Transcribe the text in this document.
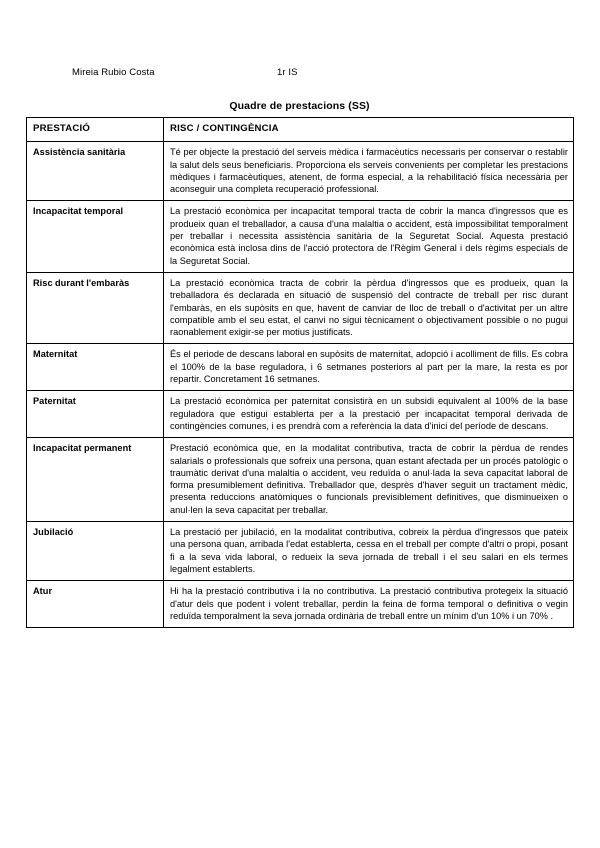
Mireia Rubio Costa	1r IS
Quadre de prestacions (SS)
PRESTACIÓ	RISC / CONTINGÈNCIA
Assistència sanitària	Té per objecte la prestació del serveis mèdica i farmacèutics necessaris per conservar o restablir la salut dels seus beneficiaris. Proporciona els serveis convenients per completar les prestacions mèdiques i farmacèutiques, atenent, de forma especial, a la rehabilitació física necessària per aconseguir una completa recuperació professional.
Incapacitat temporal	La prestació econòmica per incapacitat temporal tracta de cobrir la manca d'ingressos que es produeix quan el treballador, a causa d'una malaltia o accident, està impossibilitat temporalment per treballar i necessita assistència sanitària de la Seguretat Social. Aquesta prestació econòmica està inclosa dins de l'acció protectora de l'Règim General i dels règims especials de la Seguretat Social.
Risc durant l'embaràs	La prestació econòmica tracta de cobrir la pèrdua d'ingressos que es produeix, quan la treballadora és declarada en situació de suspensió del contracte de treball per risc durant l'embaràs, en els supòsits en que, havent de canviar de lloc de treball o d'activitat per un altre compatible amb el seu estat, el canvi no sigui tècnicament o objectivament possible o no pugui raonablement exigir-se per motius justificats.
Maternitat	És el periode de descans laboral en supòsits de maternitat, adopció i acolliment de fills. Es cobra el 100% de la base reguladora, i 6 setmanes posteriors al part per la mare, la resta es por repartir. Concretament 16 setmanes.
Paternitat	La prestació econòmica per paternitat consistirà en un subsidi equivalent al 100% de la base reguladora que estigui establerta per a la prestació per incapacitat temporal derivada de contingències comunes, i es prendrà com a referència la data d'inici del període de descans.
Incapacitat permanent	Prestació econòmica que, en la modalitat contributiva, tracta de cobrir la pèrdua de rendes salarials o professionals que sofreix una persona, quan estant afectada per un procés patològic o traumàtic derivat d'una malaltia o accident, veu reduïda o anul·lada la seva capacitat laboral de forma presumiblement definitiva. Treballador que, desprès d'haver seguit un tractament mèdic, presenta reduccions anatòmiques o funcionals previsiblement definitives, que disminueixen o anul·len la seva capacitat per treballar.
Jubilació	La prestació per jubilació, en la modalitat contributiva, cobreix la pèrdua d'ingressos que pateix una persona quan, arribada l'edat establerta, cessa en el treball per compte d'altri o propi, posant fi a la seva vida laboral, o redueix la seva jornada de treball i el seu salari en els termes legalment establerts.
Atur	Hi ha la prestació contributiva i la no contributiva. La prestació contributiva protegeix la situació d'atur dels que podent i volent treballar, perdin la feina de forma temporal o definitiva o vegin reduïda temporalment la seva jornada ordinària de treball entre un mínim d'un 10% i un 70% .
